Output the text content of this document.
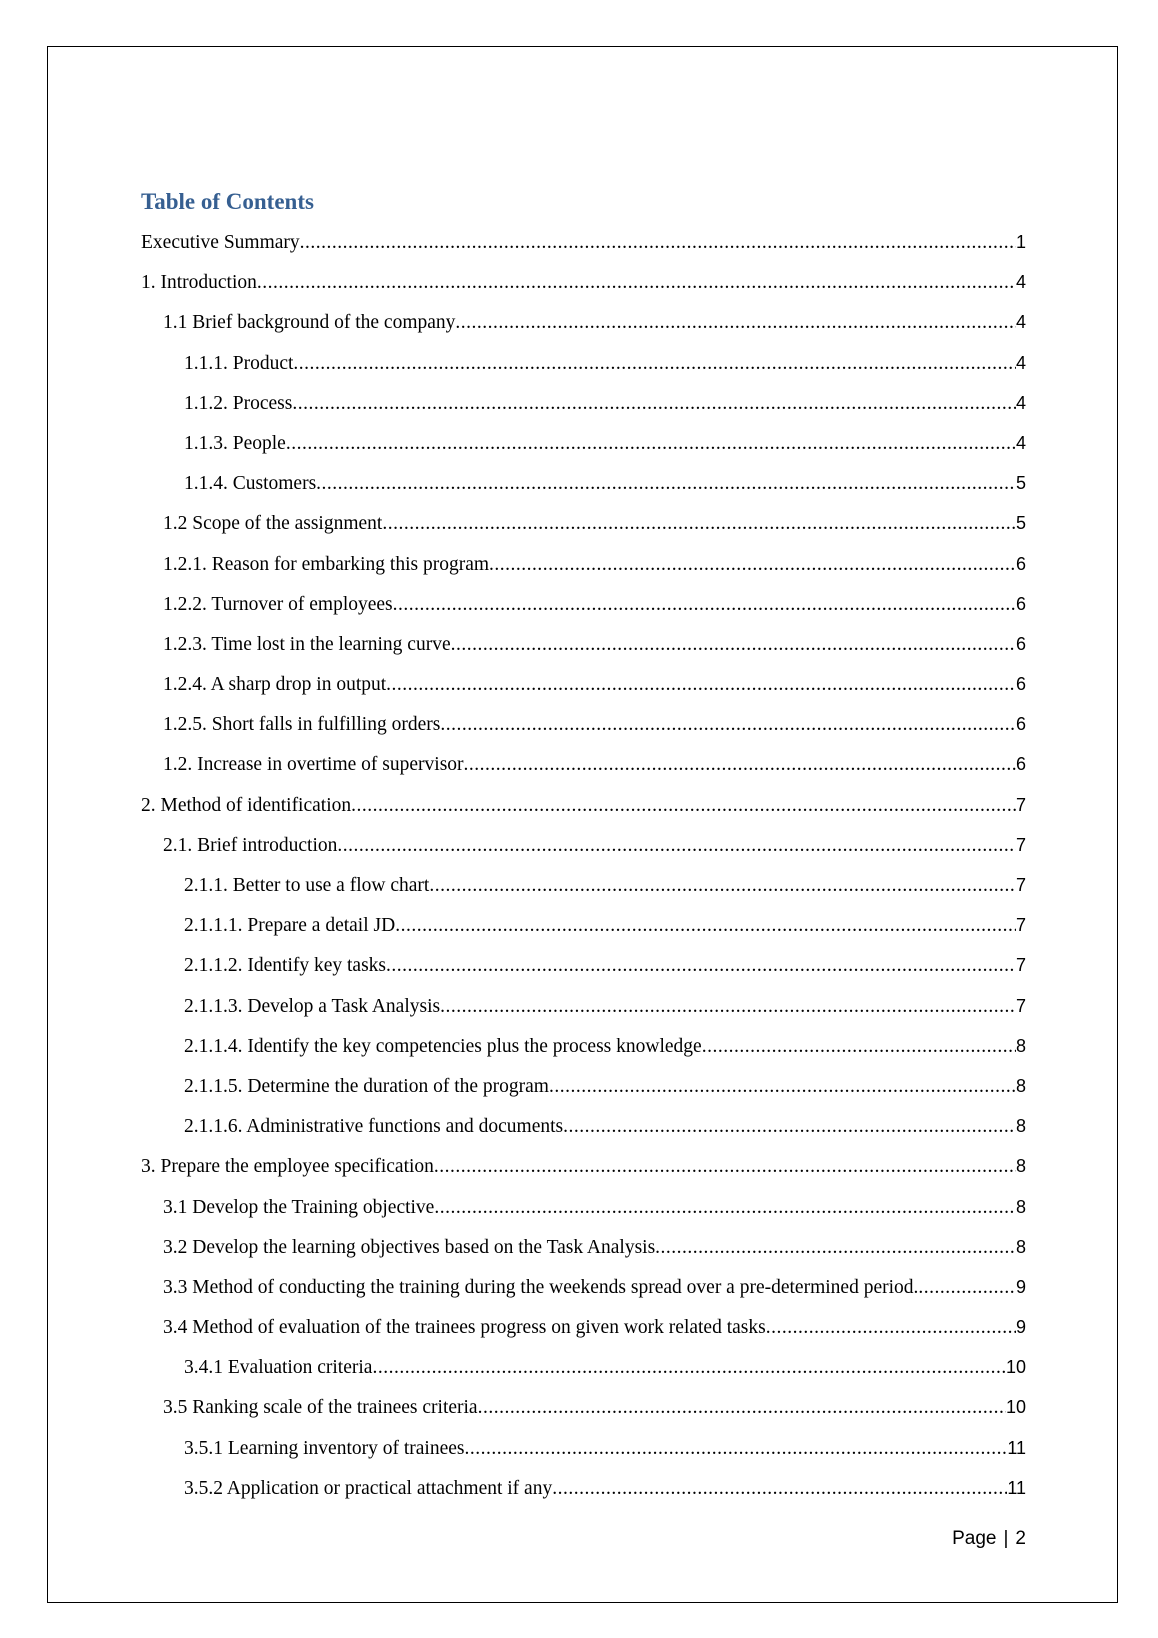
Table of Contents
Executive Summary .....	1
1. Introduction .....	4
1.1 Brief background of the company .....	4
1.1.1. Product .....	4
1.1.2. Process .....	4
1.1.3. People .....	4
1.1.4. Customers .....	5
1.2 Scope of the assignment .....	5
1.2.1. Reason for embarking this program .....	6
1.2.2. Turnover of employees .....	6
1.2.3. Time lost in the learning curve .....	6
1.2.4. A sharp drop in output .....	6
1.2.5. Short falls in fulfilling orders .....	6
1.2. Increase in overtime of supervisor .....	6
2. Method of identification .....	7
2.1. Brief introduction .....	7
2.1.1. Better to use a flow chart .....	7
2.1.1.1. Prepare a detail JD .....	7
2.1.1.2. Identify key tasks .....	7
2.1.1.3. Develop a Task Analysis .....	7
2.1.1.4. Identify the key competencies plus the process knowledge .....	8
2.1.1.5. Determine the duration of the program .....	8
2.1.1.6. Administrative functions and documents .....	8
3. Prepare the employee specification .....	8
3.1 Develop the Training objective .....	8
3.2 Develop the learning objectives based on the Task Analysis .....	8
3.3 Method of conducting the training during the weekends spread over a pre-determined period. .....	9
3.4 Method of evaluation of the trainees progress on given work related tasks .....	9
3.4.1 Evaluation criteria .....	10
3.5 Ranking scale of the trainees criteria .....	10
3.5.1 Learning inventory of trainees .....	11
3.5.2 Application or practical attachment if any .....	11
Page | 2
